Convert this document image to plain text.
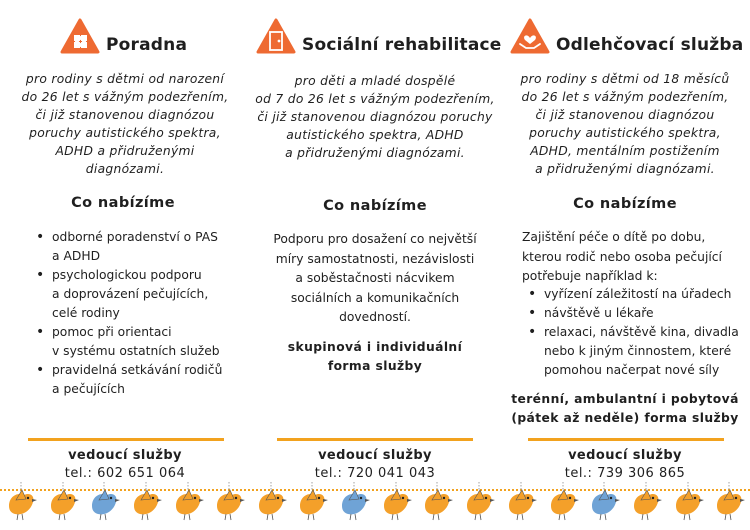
Poradna
pro rodiny s dětmi od narození
do 26 let s vážným podezřením,
či již stanovenou diagnózou
poruchy autistického spektra,
ADHD a přidruženými
diagnózami.
Co nabízíme
• odborné poradenství o PAS
a ADHD
• psychologickou podporu
a doprovázení pečujících,
celé rodiny
• pomoc při orientaci
v systému ostatních služeb
• pravidelná setkávání rodičů
a pečujících
vedoucí služby
tel.: 602 651 064
Sociální rehabilitace
pro děti a mladé dospělé
od 7 do 26 let s vážným podezřením,
či již stanovenou diagnózou poruchy
autistického spektra, ADHD
a přidruženými diagnózami.
Co nabízíme
Podporu pro dosažení co největší
míry samostatnosti, nezávislosti
a soběstačnosti nácvikem
sociálních a komunikačních
dovedností.
skupinová i individuální
forma služby
vedoucí služby
tel.: 720 041 043
Odlehčovací služba
pro rodiny s dětmi od 18 měsíců
do 26 let s vážným podezřením,
či již stanovenou diagnózou
poruchy autistického spektra,
ADHD, mentálním postižením
a přidruženými diagnózami.
Co nabízíme
Zajištění péče o dítě po dobu,
kterou rodič nebo osoba pečující
potřebuje například k:
• vyřízení záležitostí na úřadech
• návštěvě u lékaře
• relaxaci, návštěvě kina, divadla
nebo k jiným činnostem, které
pomohou načerpat nové síly
terénní, ambulantní i pobytová
(pátek až neděle) forma služby
vedoucí služby
tel.: 739 306 865
